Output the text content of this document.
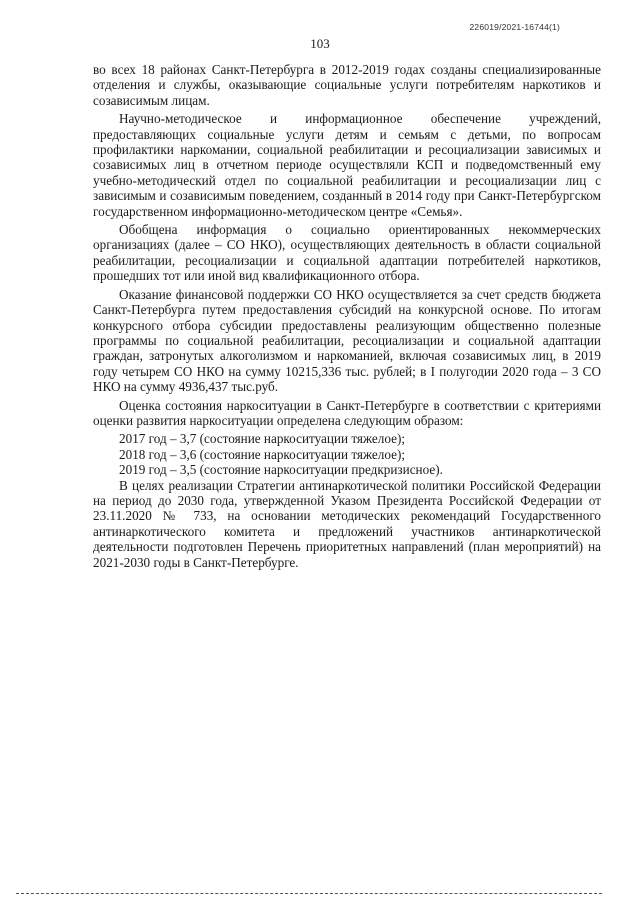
226019/2021-16744(1)
103

во всех 18 районах Санкт-Петербурга в 2012-2019 годах созданы специализированные отделения и службы, оказывающие социальные услуги потребителям наркотиков и созависимым лицам.

Научно-методическое и информационное обеспечение учреждений, предоставляющих социальные услуги детям и семьям с детьми, по вопросам профилактики наркомании, социальной реабилитации и ресоциализации зависимых и созависимых лиц в отчетном периоде осуществляли КСП и подведомственный ему учебно-методический отдел по социальной реабилитации и ресоциализации лиц с зависимым и созависимым поведением, созданный в 2014 году при Санкт-Петербургском государственном информационно-методическом центре «Семья».

Обобщена информация о социально ориентированных некоммерческих организациях (далее – СО НКО), осуществляющих деятельность в области социальной реабилитации, ресоциализации и социальной адаптации потребителей наркотиков, прошедших тот или иной вид квалификационного отбора.

Оказание финансовой поддержки СО НКО осуществляется за счет средств бюджета Санкт-Петербурга путем предоставления субсидий на конкурсной основе. По итогам конкурсного отбора субсидии предоставлены реализующим общественно полезные программы по социальной реабилитации, ресоциализации и социальной адаптации граждан, затронутых алкоголизмом и наркоманией, включая созависимых лиц, в 2019 году четырем СО НКО на сумму 10215,336 тыс. рублей; в I полугодии 2020 года – 3 СО НКО на сумму 4936,437 тыс.руб.

Оценка состояния наркоситуации в Санкт-Петербурге в соответствии с критериями оценки развития наркоситуации определена следующим образом:

2017 год – 3,7 (состояние наркоситуации тяжелое);

2018 год – 3,6 (состояние наркоситуации тяжелое);

2019 год – 3,5 (состояние наркоситуации предкризисное).

В целях реализации Стратегии антинаркотической политики Российской Федерации на период до 2030 года, утвержденной Указом Президента Российской Федерации от 23.11.2020 № 733, на основании методических рекомендаций Государственного антинаркотического комитета и предложений участников антинаркотической деятельности подготовлен Перечень приоритетных направлений (план мероприятий) на 2021-2030 годы в Санкт-Петербурге.
